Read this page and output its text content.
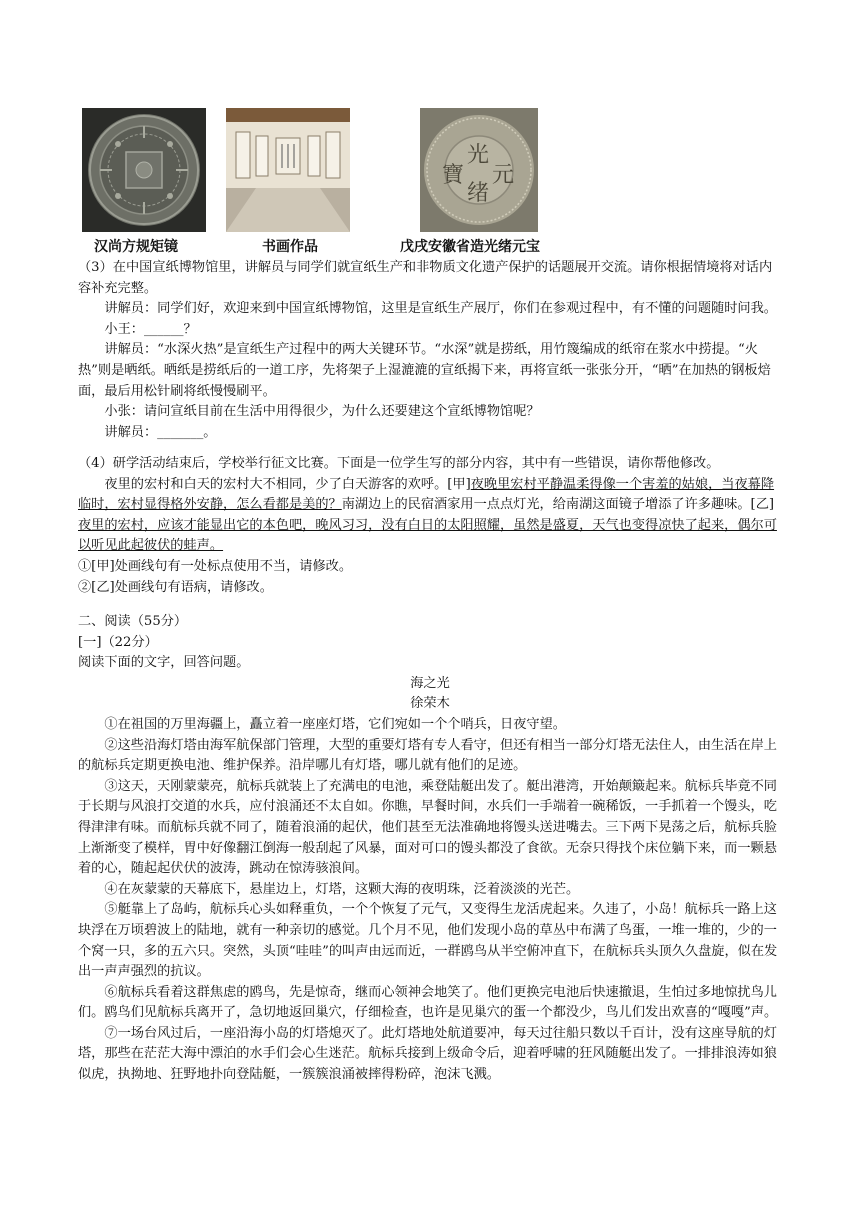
汉尚方规矩镜	书画作品
光
元
寶
绪
戊戌安徽省造光绪元宝

（3）在中国宣纸博物馆里，讲解员与同学们就宣纸生产和非物质文化遗产保护的话题展开交流。请你根据情境将对话内容补充完整。

讲解员：同学们好，欢迎来到中国宣纸博物馆，这里是宣纸生产展厅，你们在参观过程中，有不懂的问题随时问我。

小王：______？

讲解员：“水深火热”是宣纸生产过程中的两大关键环节。“水深”就是捞纸，用竹篾编成的纸帘在浆水中捞提。“火热”则是晒纸。晒纸是捞纸后的一道工序，先将架子上湿漉漉的宣纸揭下来，再将宣纸一张张分开，“晒”在加热的钢板焙面，最后用松针刷将纸慢慢刷平。

小张：请问宣纸目前在生活中用得很少，为什么还要建这个宣纸博物馆呢？

讲解员：_______。

（4）研学活动结束后，学校举行征文比赛。下面是一位学生写的部分内容，其中有一些错误，请你帮他修改。

夜里的宏村和白天的宏村大不相同，少了白天游客的欢呼。[甲]夜晚里宏村平静温柔得像一个害羞的姑娘，当夜幕降临时，宏村显得格外安静，怎么看都是美的？南湖边上的民宿酒家用一点点灯光，给南湖这面镜子增添了许多趣味。[乙]夜里的宏村，应该才能显出它的本色吧，晚风习习，没有白日的太阳照耀，虽然是盛夏，天气也变得凉快了起来，偶尔可以听见此起彼伏的蛙声。

①[甲]处画线句有一处标点使用不当，请修改。

②[乙]处画线句有语病，请修改。

二、阅读（55分）

[一]（22分）

阅读下面的文字，回答问题。

海之光

徐荣木

①在祖国的万里海疆上，矗立着一座座灯塔，它们宛如一个个哨兵，日夜守望。

②这些沿海灯塔由海军航保部门管理，大型的重要灯塔有专人看守，但还有相当一部分灯塔无法住人，由生活在岸上的航标兵定期更换电池、维护保养。沿岸哪儿有灯塔，哪儿就有他们的足迹。

③这天，天刚蒙蒙亮，航标兵就装上了充满电的电池，乘登陆艇出发了。艇出港湾，开始颠簸起来。航标兵毕竟不同于长期与风浪打交道的水兵，应付浪涌还不太自如。你瞧，早餐时间，水兵们一手端着一碗稀饭，一手抓着一个馒头，吃得津津有味。而航标兵就不同了，随着浪涌的起伏，他们甚至无法准确地将馒头送进嘴去。三下两下晃荡之后，航标兵脸上渐渐变了模样，胃中好像翻江倒海一般刮起了风暴，面对可口的馒头都没了食欲。无奈只得找个床位躺下来，而一颗悬着的心，随起起伏伏的波涛，跳动在惊涛骇浪间。

④在灰蒙蒙的天幕底下，悬崖边上，灯塔，这颗大海的夜明珠，泛着淡淡的光芒。

⑤艇靠上了岛屿，航标兵心头如释重负，一个个恢复了元气，又变得生龙活虎起来。久违了，小岛！航标兵一路上这块浮在万顷碧波上的陆地，就有一种亲切的感觉。几个月不见，他们发现小岛的草丛中布满了鸟蛋，一堆一堆的，少的一个窝一只，多的五六只。突然，头顶“哇哇”的叫声由远而近，一群鸥鸟从半空俯冲直下，在航标兵头顶久久盘旋，似在发出一声声强烈的抗议。

⑥航标兵看着这群焦虑的鸥鸟，先是惊奇，继而心领神会地笑了。他们更换完电池后快速撤退，生怕过多地惊扰鸟儿们。鸥鸟们见航标兵离开了，急切地返回巢穴，仔细检查，也许是见巢穴的蛋一个都没少，鸟儿们发出欢喜的“嘎嘎”声。

⑦一场台风过后，一座沿海小岛的灯塔熄灭了。此灯塔地处航道要冲，每天过往船只数以千百计，没有这座导航的灯塔，那些在茫茫大海中漂泊的水手们会心生迷茫。航标兵接到上级命令后，迎着呼啸的狂风随艇出发了。一排排浪涛如狼似虎，执拗地、狂野地扑向登陆艇，一簇簇浪涌被摔得粉碎，泡沫飞溅。
